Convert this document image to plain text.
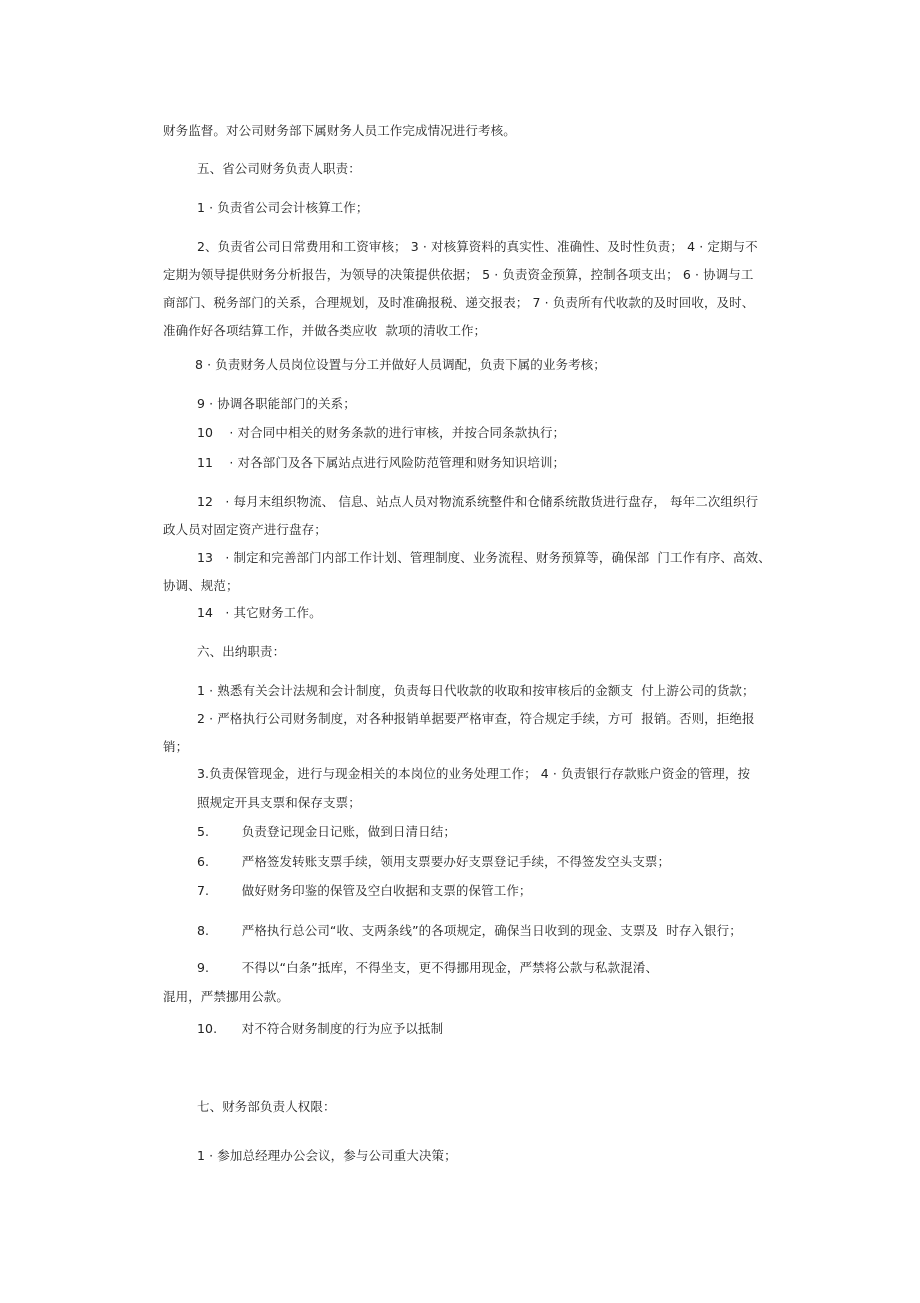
财务监督。对公司财务部下属财务人员工作完成情况进行考核。
五、省公司财务负责人职责：
1 · 负责省公司会计核算工作；
2、负责省公司日常费用和工资审核； 3 · 对核算资料的真实性、准确性、及时性负责； 4 · 定期与不
定期为领导提供财务分析报告，为领导的决策提供依据； 5 · 负责资金预算，控制各项支出； 6 · 协调与工
商部门、税务部门的关系，合理规划，及时准确报税、递交报表； 7 · 负责所有代收款的及时回收，及时、
准确作好各项结算工作，并做各类应收  款项的清收工作；
8 · 负责财务人员岗位设置与分工并做好人员调配，负责下属的业务考核；
9 · 协调各职能部门的关系；
10    · 对合同中相关的财务条款的进行审核，并按合同条款执行；
11    · 对各部门及各下属站点进行风险防范管理和财务知识培训；
12   · 每月末组织物流、 信息、站点人员对物流系统整件和仓储系统散货进行盘存， 每年二次组织行
政人员对固定资产进行盘存；
13   · 制定和完善部门内部工作计划、管理制度、业务流程、财务预算等，确保部  门工作有序、高效、
协调、规范；
14   · 其它财务工作。
六、出纳职责：
1 · 熟悉有关会计法规和会计制度，负责每日代收款的收取和按审核后的金额支  付上游公司的货款；
2 · 严格执行公司财务制度，对各种报销单据要严格审查，符合规定手续，方可  报销。否则，拒绝报
销；
3.负责保管现金，进行与现金相关的本岗位的业务处理工作； 4 · 负责银行存款账户资金的管理，按
照规定开具支票和保存支票；
5.        负责登记现金日记账，做到日清日结；
6.        严格签发转账支票手续，领用支票要办好支票登记手续，不得签发空头支票；
7.        做好财务印鉴的保管及空白收据和支票的保管工作；
8.        严格执行总公司“收、支两条线”的各项规定，确保当日收到的现金、支票及  时存入银行；
9.        不得以“白条”抵库，不得坐支，更不得挪用现金，严禁将公款与私款混淆、
混用，严禁挪用公款。
10.      对不符合财务制度的行为应予以抵制
七、财务部负责人权限：
1 · 参加总经理办公会议，参与公司重大决策；
